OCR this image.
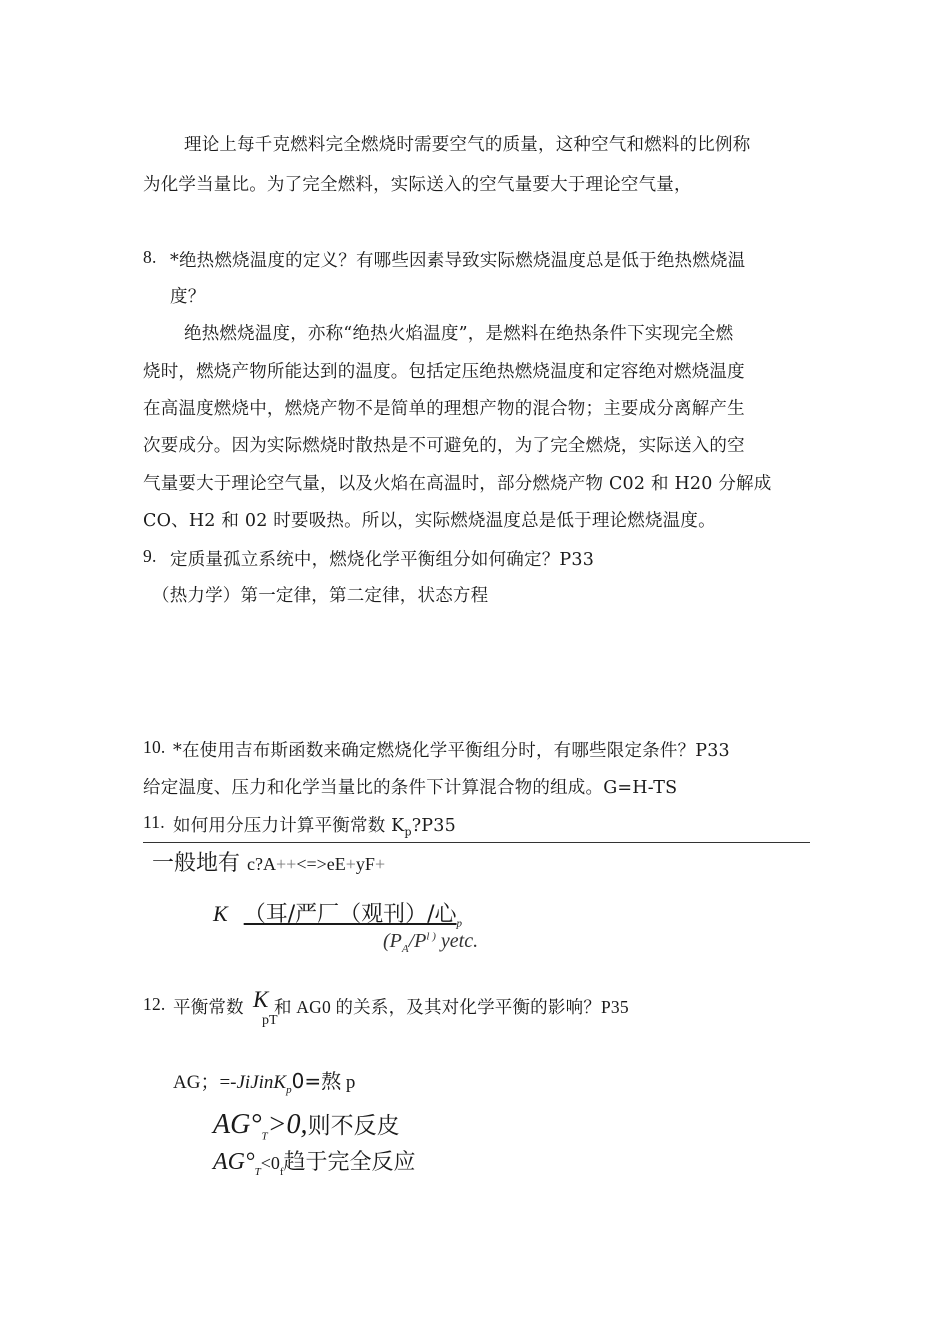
理论上每千克燃料完全燃烧时需要空气的质量，这种空气和燃料的比例称
为化学当量比。为了完全燃料，实际送入的空气量要大于理论空气量，
8. *绝热燃烧温度的定义？有哪些因素导致实际燃烧温度总是低于绝热燃烧温
度？
绝热燃烧温度，亦称“绝热火焰温度”，是燃料在绝热条件下实现完全燃
烧时，燃烧产物所能达到的温度。包括定压绝热燃烧温度和定容绝对燃烧温度
在高温度燃烧中，燃烧产物不是简单的理想产物的混合物；主要成分离解产生
次要成分。因为实际燃烧时散热是不可避免的，为了完全燃烧，实际送入的空
气量要大于理论空气量，以及火焰在高温时，部分燃烧产物 C02 和 H20 分解成
CO、H2 和 02 时要吸热。所以，实际燃烧温度总是低于理论燃烧温度。
9. 定质量孤立系统中，燃烧化学平衡组分如何确定？P33
（热力学）第一定律，第二定律，状态方程
10. *在使用吉布斯函数来确定燃烧化学平衡组分时，有哪些限定条件？P33
给定温度、压力和化学当量比的条件下计算混合物的组成。G=H-TS
11. 如何用分压力计算平衡常数 $K_p?P35$
一般地有 c?A++<=>eE+yF+
K （耳/严厂（观刊）/心$_p$
($P_A/P^{l )}$ yetc.
12. 平衡常数 K
pT
和 AG0 的关系，及其对化学平衡的影响？P35
AG；=-JiJinK$_p$0=熬 p
$AG^\circ_T>0$,则不反皮
$AG^\circ_T<0_f$趋于完全反应
